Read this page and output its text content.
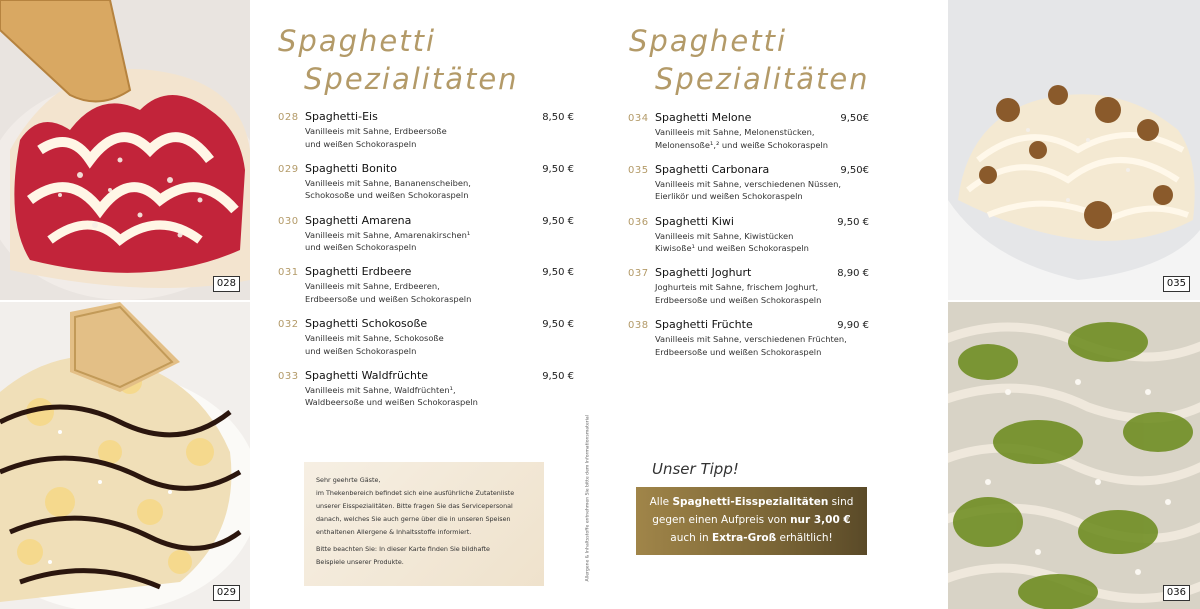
028
029
035
036
Spaghetti
Spezialitäten
Spaghetti
Spezialitäten
028 Spaghetti-Eis	8,50 €
Vanilleeis mit Sahne, Erdbeersoße
und weißen Schokoraspeln
029 Spaghetti Bonito	9,50 €
Vanilleeis mit Sahne, Bananenscheiben,
Schokosoße und weißen Schokoraspeln
030 Spaghetti Amarena	9,50 €
Vanilleeis mit Sahne, Amarenakirschen¹
und weißen Schokoraspeln
031 Spaghetti Erdbeere	9,50 €
Vanilleeis mit Sahne, Erdbeeren,
Erdbeersoße und weißen Schokoraspeln
032 Spaghetti Schokosoße	9,50 €
Vanilleeis mit Sahne, Schokosoße
und weißen Schokoraspeln
033 Spaghetti Waldfrüchte	9,50 €
Vanilleeis mit Sahne, Waldfrüchten¹,
Waldbeersoße und weißen Schokoraspeln
034 Spaghetti Melone	9,50€
Vanilleeis mit Sahne, Melonenstücken,
Melonensoße¹,² und weiße Schokoraspeln
035 Spaghetti Carbonara	9,50€
Vanilleeis mit Sahne, verschiedenen Nüssen,
Eierlikör und weißen Schokoraspeln
036 Spaghetti Kiwi	9,50 €
Vanilleeis mit Sahne, Kiwistücken
Kiwisoße¹ und weißen Schokoraspeln
037 Spaghetti Joghurt	8,90 €
Joghurteis mit Sahne, frischem Joghurt,
Erdbeersoße und weißen Schokoraspeln
038 Spaghetti Früchte	9,90 €
Vanilleeis mit Sahne, verschiedenen Früchten,
Erdbeersoße und weißen Schokoraspeln

Sehr geehrte Gäste,

im Thekenbereich befindet sich eine ausführliche Zutatenliste

unserer Eisspezialitäten. Bitte fragen Sie das Servicepersonal

danach, welches Sie auch gerne über die in unseren Speisen

enthaltenen Allergene & Inhaltsstoffe informiert.

Bitte beachten Sie: In dieser Karte finden Sie bildhafte

Beispiele unserer Produkte.	Allergene & Inhaltsstoffe entnehmen Sie bitte dem Informationsmaterial	Unser Tipp!
Alle Spaghetti-Eisspezialitäten sind
gegen einen Aufpreis von nur 3,00 €
auch in Extra-Groß erhältlich!
